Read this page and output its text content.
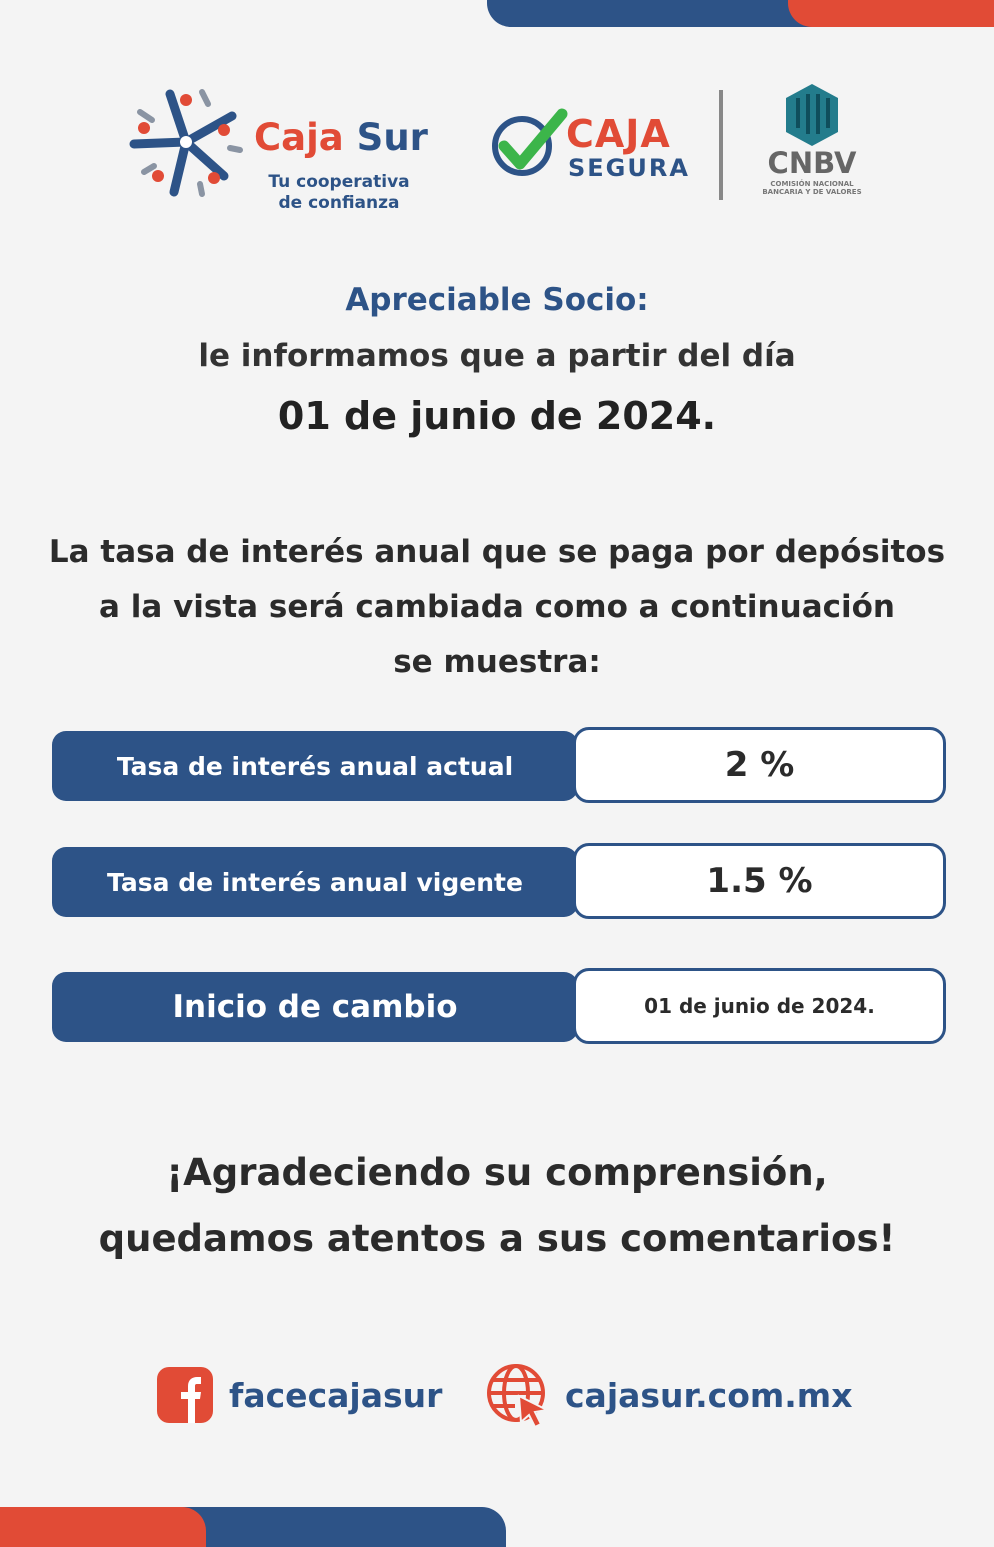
Caja Sur
Tu cooperativa
de confianza
CAJA
SEGURA	CNBV
COMISIÓN NACIONAL
BANCARIA Y DE VALORES
Apreciable Socio:
le informamos que a partir del día
01 de junio de 2024.
La tasa de interés anual que se paga por depósitos
a la vista será cambiada como a continuación
se muestra:
Tasa de interés anual actual	2 %
Tasa de interés anual vigente	1.5 %
Inicio de cambio	01 de junio de 2024.
¡Agradeciendo su comprensión,
quedamos atentos a sus comentarios!
facecajasur	cajasur.com.mx
